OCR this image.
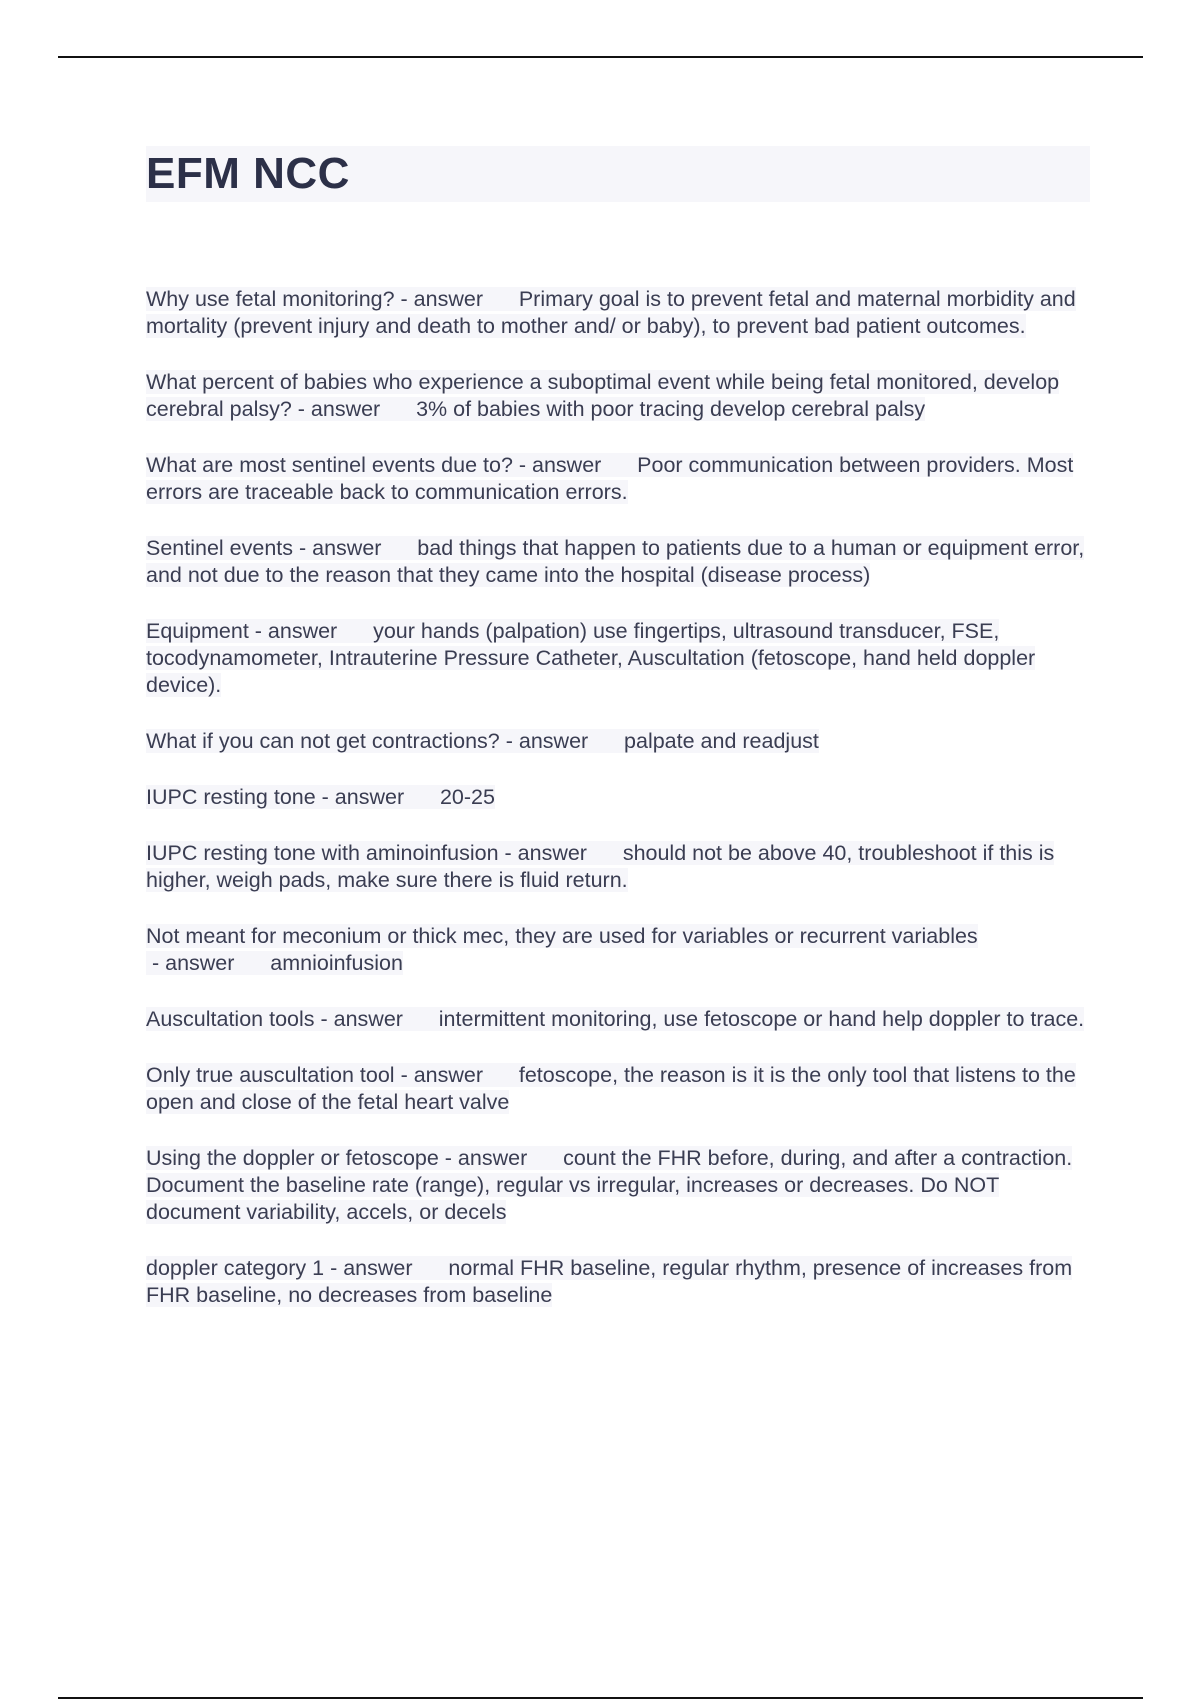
EFM NCC

Why use fetal monitoring? - answer      Primary goal is to prevent fetal and maternal morbidity and mortality (prevent injury and death to mother and/ or baby), to prevent bad patient outcomes.

What percent of babies who experience a suboptimal event while being fetal monitored, develop cerebral palsy? - answer      3% of babies with poor tracing develop cerebral palsy

What are most sentinel events due to? - answer      Poor communication between providers. Most errors are traceable back to communication errors.

Sentinel events - answer      bad things that happen to patients due to a human or equipment error, and not due to the reason that they came into the hospital (disease process)

Equipment - answer      your hands (palpation) use fingertips, ultrasound transducer, FSE, tocodynamometer, Intrauterine Pressure Catheter, Auscultation (fetoscope, hand held doppler device).

What if you can not get contractions? - answer      palpate and readjust

IUPC resting tone - answer      20-25

IUPC resting tone with aminoinfusion - answer      should not be above 40, troubleshoot if this is higher, weigh pads, make sure there is fluid return.

Not meant for meconium or thick mec, they are used for variables or recurrent variables - answer      amnioinfusion

Auscultation tools - answer      intermittent monitoring, use fetoscope or hand help doppler to trace.

Only true auscultation tool - answer      fetoscope, the reason is it is the only tool that listens to the open and close of the fetal heart valve

Using the doppler or fetoscope - answer      count the FHR before, during, and after a contraction. Document the baseline rate (range), regular vs irregular, increases or decreases. Do NOT document variability, accels, or decels

doppler category 1 - answer      normal FHR baseline, regular rhythm, presence of increases from FHR baseline, no decreases from baseline
